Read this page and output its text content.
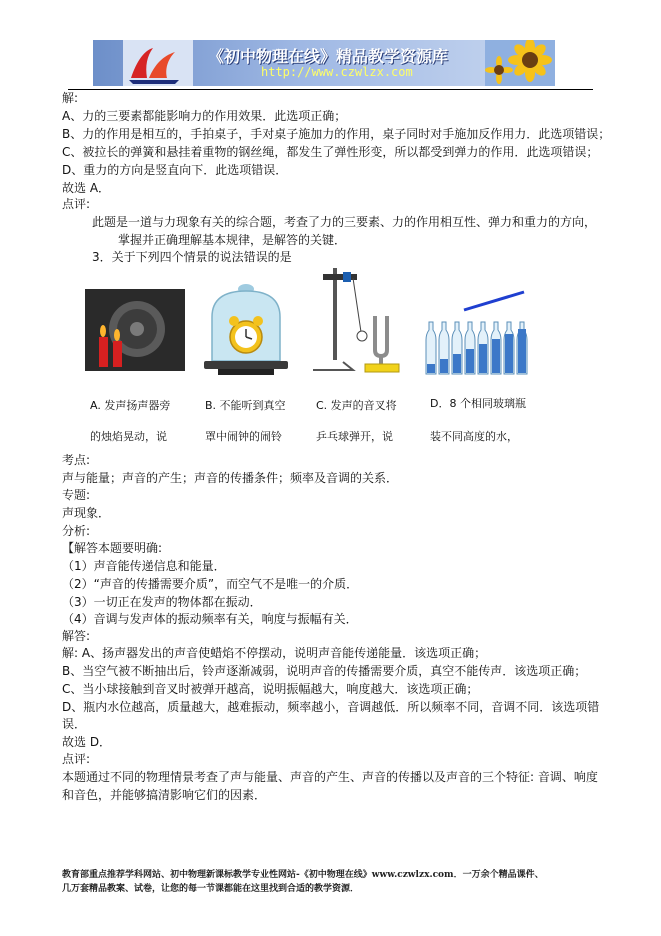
《初中物理在线》精品教学资源库
http://www.czwlzx.com
解:
A、力的三要素都能影响力的作用效果．此选项正确；
B、力的作用是相互的，手拍桌子，手对桌子施加力的作用，桌子同时对手施加反作用力．此选项错误；
C、被拉长的弹簧和悬挂着重物的钢丝绳，都发生了弹性形变，所以都受到弹力的作用．此选项错误；
D、重力的方向是竖直向下．此选项错误．
故选 A．
点评:
此题是一道与力现象有关的综合题，考查了力的三要素、力的作用相互性、弹力和重力的方向，
掌握并正确理解基本规律，是解答的关键．
3．关于下列四个情景的说法错误的是
A. 发声扬声器旁
的烛焰晃动，说
B. 不能听到真空
罩中闹钟的闹铃
C. 发声的音叉将
乒乓球弹开，说
D．8 个相同玻璃瓶
装不同高度的水，
考点:
声与能量；声音的产生；声音的传播条件；频率及音调的关系．
专题:
声现象．
分析:
【解答本题要明确:
（1）声音能传递信息和能量．
（2）“声音的传播需要介质”，而空气不是唯一的介质．
（3）一切正在发声的物体都在振动．
（4）音调与发声体的振动频率有关，响度与振幅有关．
解答:
解: A、扬声器发出的声音使蜡焰不停摆动，说明声音能传递能量．该选项正确；
B、当空气被不断抽出后，铃声逐渐减弱，说明声音的传播需要介质，真空不能传声．该选项正确；
C、当小球接触到音叉时被弹开越高，说明振幅越大，响度越大．该选项正确；
D、瓶内水位越高，质量越大，越难振动，频率越小，音调越低．所以频率不同，音调不同．该选项错
误．
故选 D．
点评:
本题通过不同的物理情景考查了声与能量、声音的产生、声音的传播以及声音的三个特征: 音调、响度
和音色，并能够搞清影响它们的因素．
教育部重点推荐学科网站、初中物理新课标教学专业性网站-《初中物理在线》www.czwlzx.com．一万余个精品课件、
几万套精品教案、试卷，让您的每一节课都能在这里找到合适的教学资源．
